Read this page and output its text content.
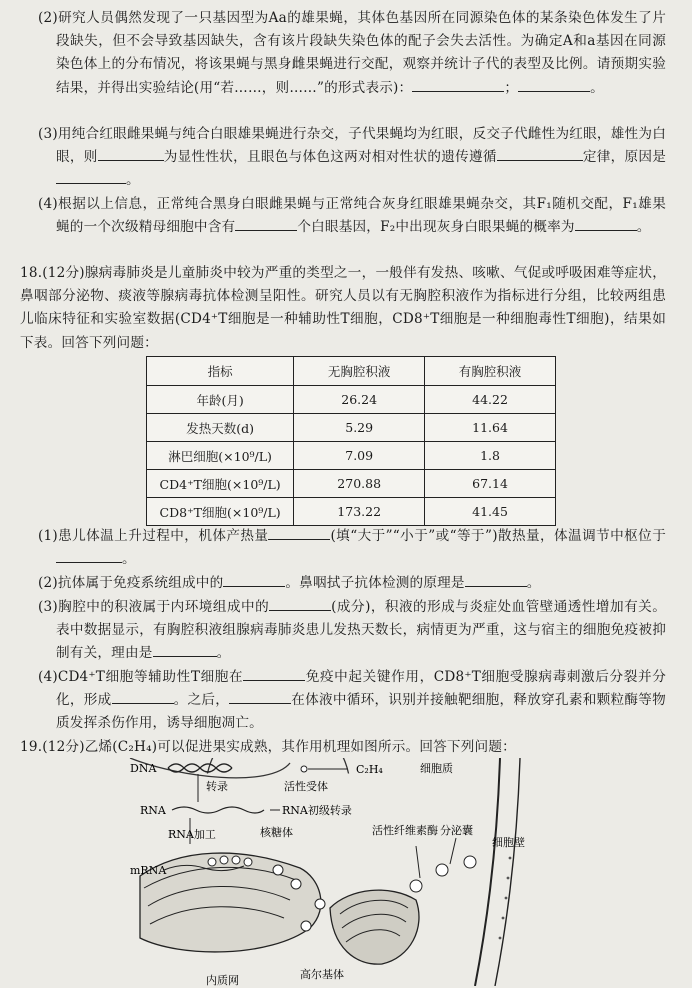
(2)研究人员偶然发现了一只基因型为Aa的雄果蝇，其体色基因所在同源染色体的某条染色体发生了片段缺失，但不会导致基因缺失，含有该片段缺失染色体的配子会失去活性。为确定A和a基因在同源染色体上的分布情况，将该果蝇与黑身雌果蝇进行交配，观察并统计子代的表型及比例。请预期实验结果，并得出实验结论(用“若……，则……”的形式表示)：	；	。
(3)用纯合红眼雌果蝇与纯合白眼雄果蝇进行杂交，子代果蝇均为红眼，反交子代雌性为红眼，雄性为白眼，则	为显性性状，且眼色与体色这两对相对性状的遗传遵循	定律，原因是。
(4)根据以上信息，正常纯合黑身白眼雌果蝇与正常纯合灰身红眼雄果蝇杂交，其F₁随机交配，F₁雄果蝇的一个次级精母细胞中含有	个白眼基因，F₂中出现灰身白眼果蝇的概率为	。
18.(12分)腺病毒肺炎是儿童肺炎中较为严重的类型之一，一般伴有发热、咳嗽、气促或呼吸困难等症状，鼻咽部分泌物、痰液等腺病毒抗体检测呈阳性。研究人员以有无胸腔积液作为指标进行分组，比较两组患儿临床特征和实验室数据(CD4⁺T细胞是一种辅助性T细胞，CD8⁺T细胞是一种细胞毒性T细胞)，结果如下表。回答下列问题：
指标	无胸腔积液	有胸腔积液
年龄(月)	26.24	44.22
发热天数(d)	5.29	11.64
淋巴细胞(×10⁹/L)	7.09	1.8
CD4⁺T细胞(×10⁹/L)	270.88	67.14
CD8⁺T细胞(×10⁹/L)	173.22	41.45
(1)患儿体温上升过程中，机体产热量	(填“大于”“小于”或“等于”)散热量，体温调节中枢位于。
(2)抗体属于免疫系统组成中的	。鼻咽拭子抗体检测的原理是	。
(3)胸腔中的积液属于内环境组成中的	(成分)，积液的形成与炎症处血管壁通透性增加有关。表中数据显示，有胸腔积液组腺病毒肺炎患儿发热天数长，病情更为严重，这与宿主的细胞免疫被抑制有关，理由是	。
(4)CD4⁺T细胞等辅助性T细胞在	免疫中起关键作用，CD8⁺T细胞受腺病毒刺激后分裂并分化，形成	。之后，	在体液中循环，识别并接触靶细胞，释放穿孔素和颗粒酶等物质发挥杀伤作用，诱导细胞凋亡。
19.(12分)乙烯(C₂H₄)可以促进果实成熟，其作用机理如图所示。回答下列问题：
DNA	C₂H₄
活性受体
细胞质
转录
RNA	RNA初级转录
RNA加工	核糖体
mRNA
高尔基体
内质网
活性纤维素酶 分泌囊
细胞壁
